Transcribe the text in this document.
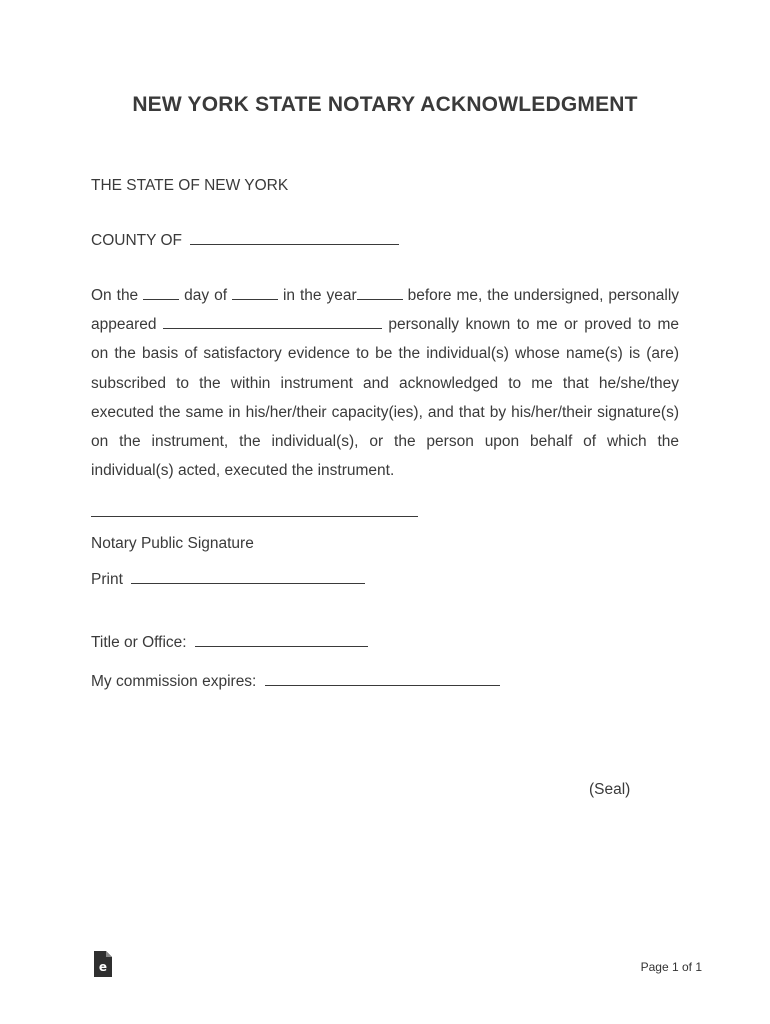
NEW YORK STATE NOTARY ACKNOWLEDGMENT
THE STATE OF NEW YORK
COUNTY OF
On the	day of	in the year	before me, the undersigned, personally appeared	personally known to me or proved to me on the basis of satisfactory evidence to be the individual(s) whose name(s) is (are) subscribed to the within instrument and acknowledged to me that he/she/they executed the same in his/her/their capacity(ies), and that by his/her/their signature(s) on the instrument, the individual(s), or the person upon behalf of which the individual(s) acted, executed the instrument.
Notary Public Signature
Print
Title or Office:
My commission expires:
(Seal)
e	Page 1 of 1
